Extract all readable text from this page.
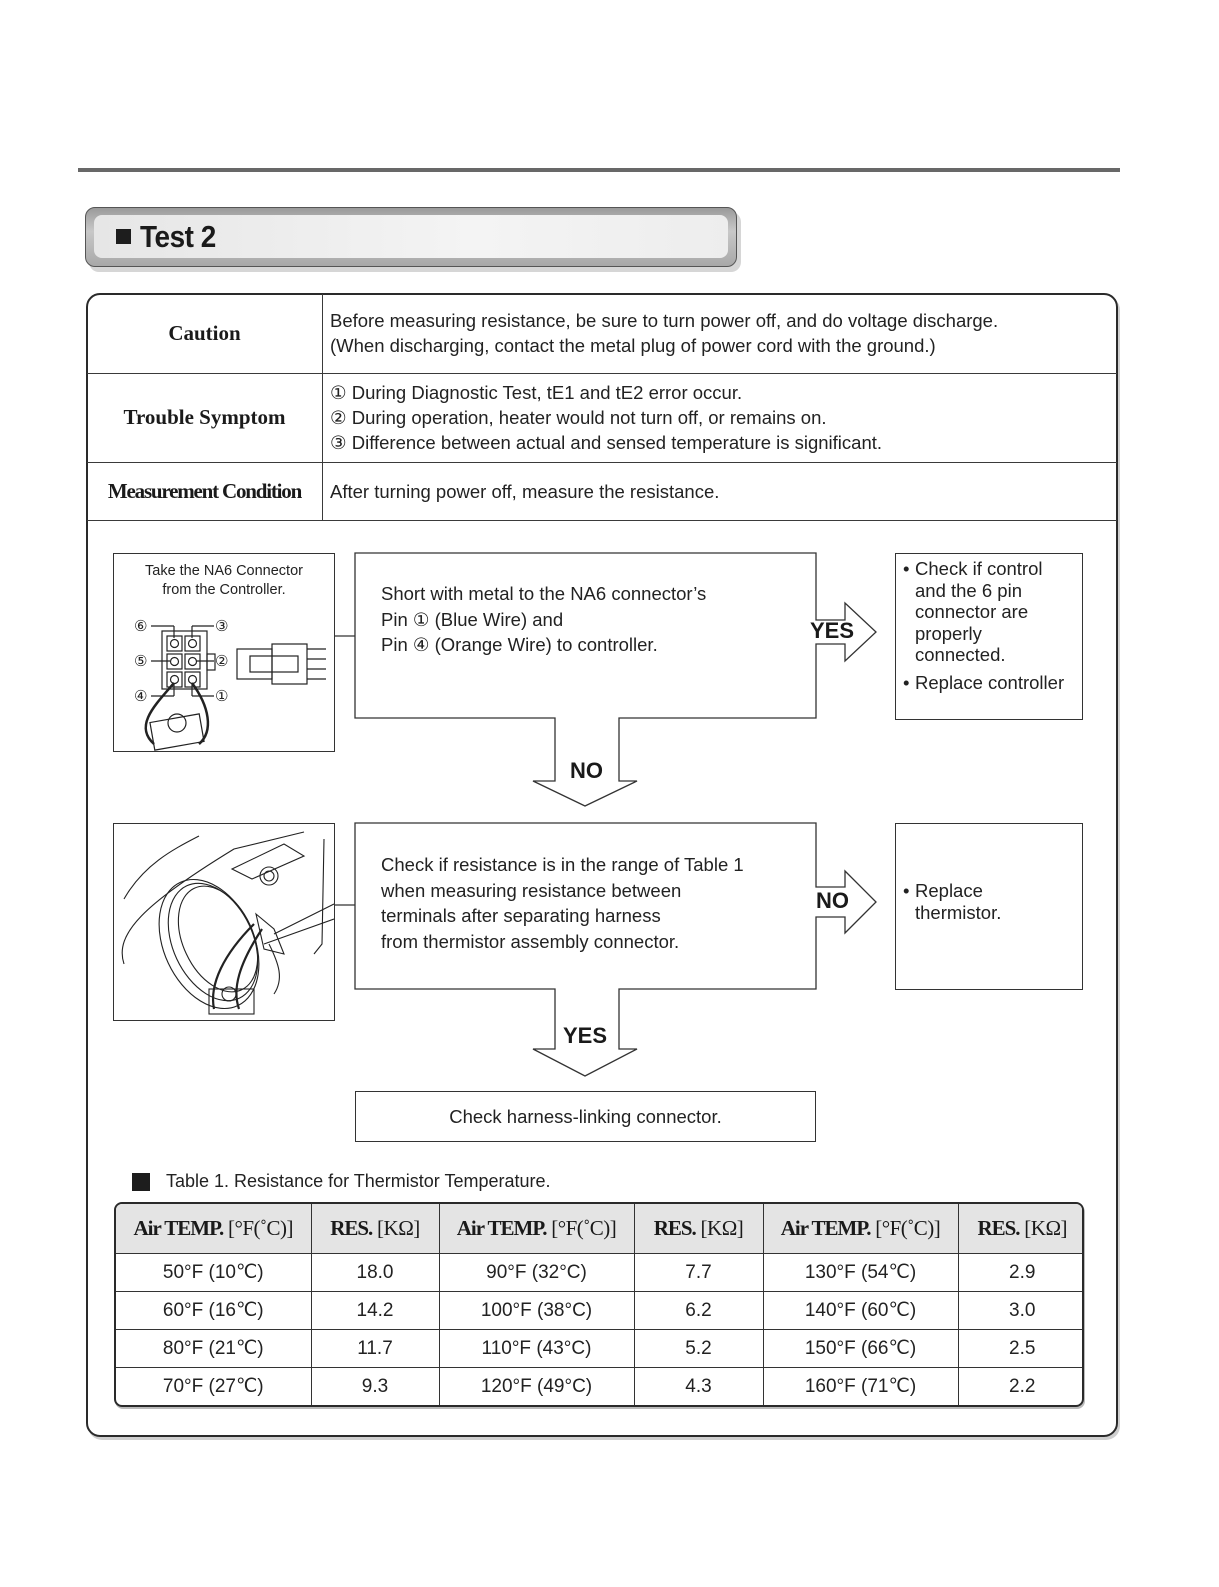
Test 2
Caution	Before measuring resistance, be sure to turn power off, and do voltage discharge.
(When discharging, contact the metal plug of power cord with the ground.)

Trouble Symptom	① During Diagnostic Test, tE1 and tE2 error occur.
② During operation, heater would not turn off, or remains on.
③ Difference between actual and sensed temperature is significant.

Measurement Condition	After turning power off, measure the resistance.
Take the NA6 Connector
from the Controller.
⑥	③
⑤	②
④	①
Short with metal to the NA6 connector’s
Pin ① (Blue Wire) and
Pin ④ (Orange Wire) to controller.
YES
NO
• Check if control and the 6 pin connector are properly connected.
• Replace controller
Check if resistance is in the range of Table 1
when measuring resistance between
terminals after separating harness
from thermistor assembly connector.
NO
YES
• Replace thermistor.
Check harness-linking connector.
Table 1. Resistance for Thermistor Temperature.
Air TEMP. [°F(˚C)]	RES. [KΩ]	Air TEMP. [°F(˚C)]	RES. [KΩ]	Air TEMP. [°F(˚C)]	RES. [KΩ]
50°F (10℃)	18.0	90°F (32°C)	7.7	130°F (54℃)	2.9
60°F (16℃)	14.2	100°F (38°C)	6.2	140°F (60℃)	3.0
80°F (21℃)	11.7	110°F (43°C)	5.2	150°F (66℃)	2.5
70°F (27℃)	9.3	120°F (49°C)	4.3	160°F (71℃)	2.2
